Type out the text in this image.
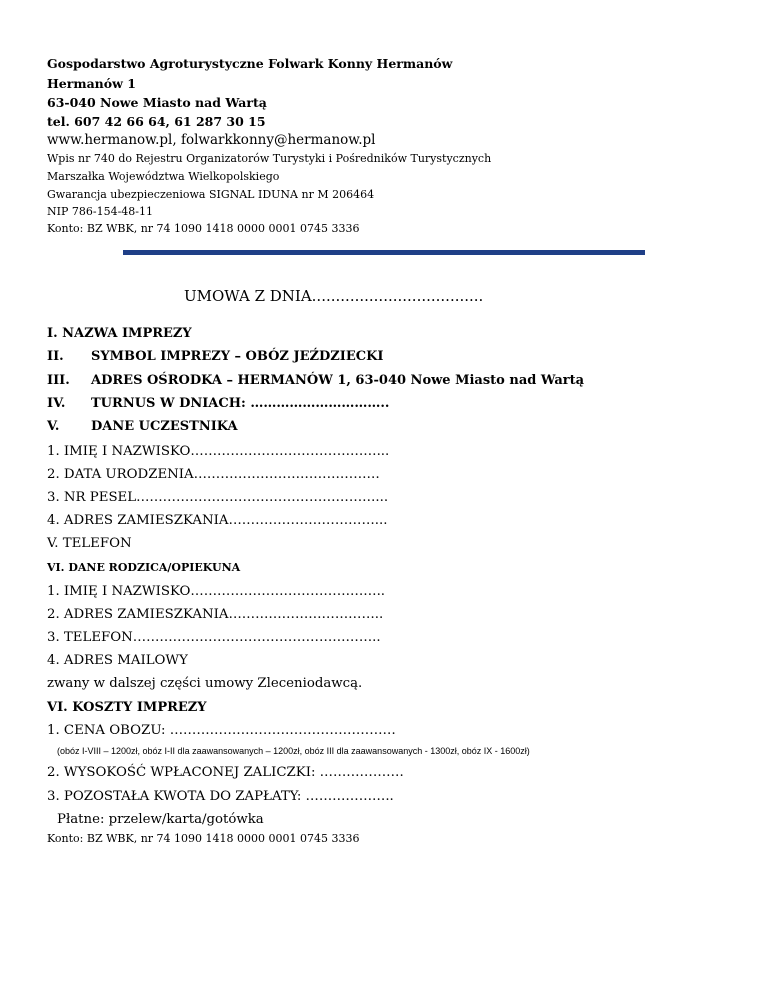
Gospodarstwo Agroturystyczne Folwark Konny Hermanów
Hermanów 1
63-040 Nowe Miasto nad Wartą
tel. 607 42 66 64, 61 287 30 15
www.hermanow.pl, folwarkkonny@hermanow.pl
Wpis nr 740 do Rejestru Organizatorów Turystyki i Pośredników Turystycznych
Marszałka Województwa Wielkopolskiego
Gwarancja ubezpieczeniowa SIGNAL IDUNA nr M 206464
NIP 786-154-48-11
Konto: BZ WBK, nr 74 1090 1418 0000 0001 0745 3336
UMOWA Z DNIA....................................
I. NAZWA IMPREZY
II. SYMBOL IMPREZY – OBÓZ JEŹDZIECKI
III. ADRES OŚRODKA – HERMANÓW 1, 63-040 Nowe Miasto nad Wartą
IV. TURNUS W DNIACH: …………………………..
V. DANE UCZESTNIKA
1. IMIĘ I NAZWISKO……………………………………...
2. DATA URODZENIA……………………………………
3. NR PESEL………………………………………………...
4. ADRES ZAMIESZKANIA……………………………...
V. TELEFON
VI. DANE RODZICA/OPIEKUNA
1. IMIĘ I NAZWISKO……………………………………..
2. ADRES ZAMIESZKANIA……………………………..
3. TELEFON………………………………………………..
4. ADRES MAILOWY
zwany w dalszej części umowy Zleceniodawcą.
VI. KOSZTY IMPREZY
1. CENA OBOZU: ……………………………………………
(obóz I-VIII – 1200zł, obóz I-II dla zaawansowanych – 1200zł, obóz III dla zaawansowanych - 1300zł, obóz IX - 1600zł)
2. WYSOKOŚĆ WPŁACONEJ ZALICZKI: ……………….
3. POZOSTAŁA KWOTA DO ZAPŁATY: ………………..
Płatne: przelew/karta/gotówka
Konto: BZ WBK, nr 74 1090 1418 0000 0001 0745 3336
